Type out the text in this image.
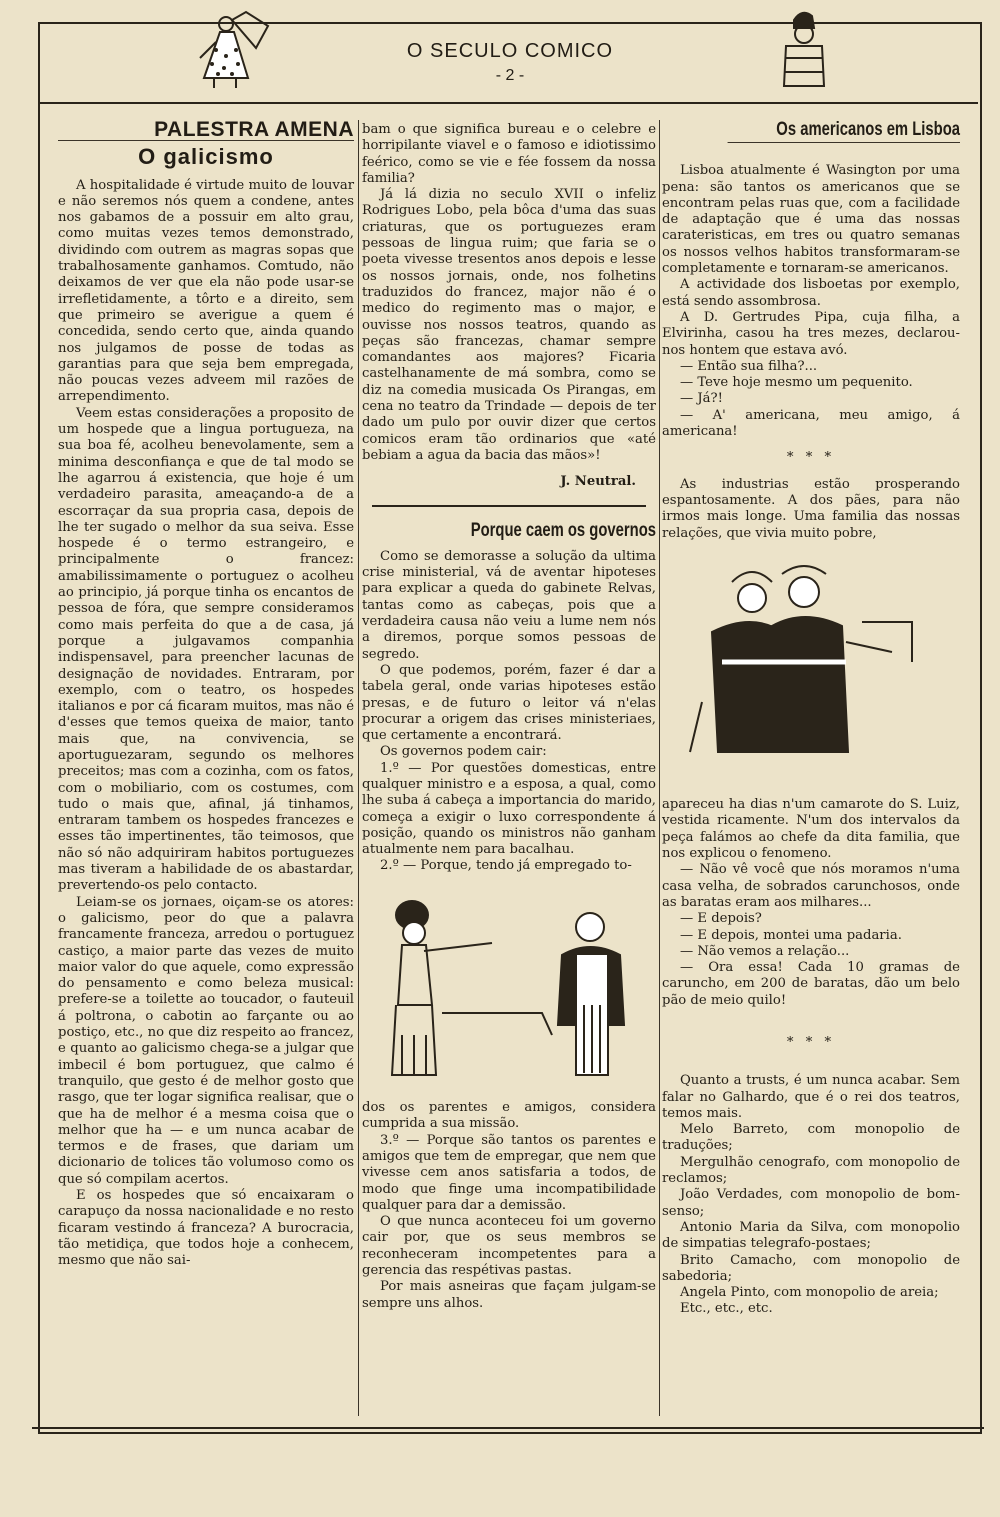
O SECULO COMICO
- 2 -
PALESTRA AMENA
O galicismo

A hospitalidade é virtude muito de louvar e não seremos nós quem a condene, antes nos gabamos de a possuir em alto grau, como muitas vezes temos demonstrado, dividindo com outrem as magras sopas que trabalhosamente ganhamos. Comtudo, não deixamos de ver que ela não pode usar-se irrefletidamente, a tôrto e a direito, sem que primeiro se averigue a quem é concedida, sendo certo que, ainda quando nos julgamos de posse de todas as garantias para que seja bem empregada, não poucas vezes adveem mil razões de arrependimento.

Veem estas considerações a proposito de um hospede que a lingua portugueza, na sua boa fé, acolheu benevolamente, sem a minima desconfiança e que de tal modo se lhe agarrou á existencia, que hoje é um verdadeiro parasita, ameaçando-a de a escorraçar da sua propria casa, depois de lhe ter sugado o melhor da sua seiva. Esse hospede é o termo estrangeiro, e principalmente o francez: amabilissimamente o portuguez o acolheu ao principio, já porque tinha os encantos de pessoa de fóra, que sempre consideramos como mais perfeita do que a de casa, já porque a julgavamos companhia indispensavel, para preencher lacunas de designação de novidades. Entraram, por exemplo, com o teatro, os hospedes italianos e por cá ficaram muitos, mas não é d'esses que temos queixa de maior, tanto mais que, na convivencia, se aportuguezaram, segundo os melhores preceitos; mas com a cozinha, com os fatos, com o mobiliario, com os costumes, com tudo o mais que, afinal, já tinhamos, entraram tambem os hospedes francezes e esses tão impertinentes, tão teimosos, que não só não adquiriram habitos portuguezes mas tiveram a habilidade de os abastardar, prevertendo-os pelo contacto.

Leiam-se os jornaes, oiçam-se os atores: o galicismo, peor do que a palavra francamente franceza, arredou o portuguez castiço, a maior parte das vezes de muito maior valor do que aquele, como expressão do pensamento e como beleza musical: prefere-se a toilette ao toucador, o fauteuil á poltrona, o cabotin ao farçante ou ao postiço, etc., no que diz respeito ao francez, e quanto ao galicismo chega-se a julgar que imbecil é bom portuguez, que calmo é tranquilo, que gesto é de melhor gosto que rasgo, que ter logar significa realisar, que o que ha de melhor é a mesma coisa que o melhor que ha — e um nunca acabar de termos e de frases, que dariam um dicionario de tolices tão volumoso como os que só compilam acertos.

E os hospedes que só encaixaram o carapuço da nossa nacionalidade e no resto ficaram vestindo á franceza? A burocracia, tão metidiça, que todos hoje a conhecem, mesmo que não sai-

bam o que significa bureau e o celebre e horripilante viavel e o famoso e idiotissimo feérico, como se vie e fée fossem da nossa familia?

Já lá dizia no seculo XVII o infeliz Rodrigues Lobo, pela bôca d'uma das suas criaturas, que os portuguezes eram pessoas de lingua ruim; que faria se o poeta vivesse tresentos anos depois e lesse os nossos jornais, onde, nos folhetins traduzidos do francez, major não é o medico do regimento mas o major, e ouvisse nos nossos teatros, quando as peças são francezas, chamar sempre comandantes aos majores? Ficaria castelhanamente de má sombra, como se diz na comedia musicada Os Pirangas, em cena no teatro da Trindade — depois de ter dado um pulo por ouvir dizer que certos comicos eram tão ordinarios que «até bebiam a agua da bacia das mãos»!

J. Neutral.
Porque caem os governos

Como se demorasse a solução da ultima crise ministerial, vá de aventar hipoteses para explicar a queda do gabinete Relvas, tantas como as cabeças, pois que a verdadeira causa não veiu a lume nem nós a diremos, porque somos pessoas de segredo.

O que podemos, porém, fazer é dar a tabela geral, onde varias hipoteses estão presas, e de futuro o leitor vá n'elas procurar a origem das crises ministeriaes, que certamente a encontrará.

Os governos podem cair:

1.º — Por questões domesticas, entre qualquer ministro e a esposa, a qual, como lhe suba á cabeça a importancia do marido, começa a exigir o luxo correspondente á posição, quando os ministros não ganham atualmente nem para bacalhau.

2.º — Porque, tendo já empregado to-

dos os parentes e amigos, considera cumprida a sua missão.

3.º — Porque são tantos os parentes e amigos que tem de empregar, que nem que vivesse cem anos satisfaria a todos, de modo que finge uma incompatibilidade qualquer para dar a demissão.

O que nunca aconteceu foi um governo cair por, que os seus membros se reconheceram incompetentes para a gerencia das respétivas pastas.

Por mais asneiras que façam julgam-se sempre uns alhos.

Os americanos em Lisboa

Lisboa atualmente é Wasington por uma pena: são tantos os americanos que se encontram pelas ruas que, com a facilidade de adaptação que é uma das nossas carateristicas, em tres ou quatro semanas os nossos velhos habitos transformaram-se completamente e tornaram-se americanos.

A actividade dos lisboetas por exemplo, está sendo assombrosa.

A D. Gertrudes Pipa, cuja filha, a Elvirinha, casou ha tres mezes, declarou-nos hontem que estava avó.

— Então sua filha?...

— Teve hoje mesmo um pequenito.

— Já?!

— A' americana, meu amigo, á americana!

* * *

As industrias estão prosperando espantosamente. A dos pães, para não irmos mais longe. Uma familia das nossas relações, que vivia muito pobre,

apareceu ha dias n'um camarote do S. Luiz, vestida ricamente. N'um dos intervalos da peça falámos ao chefe da dita familia, que nos explicou o fenomeno.

— Não vê você que nós moramos n'uma casa velha, de sobrados carunchosos, onde as baratas eram aos milhares...

— E depois?

— E depois, montei uma padaria.

— Não vemos a relação...

— Ora essa! Cada 10 gramas de caruncho, em 200 de baratas, dão um belo pão de meio quilo!

* * *

Quanto a trusts, é um nunca acabar. Sem falar no Galhardo, que é o rei dos teatros, temos mais.

Melo Barreto, com monopolio de traduções;

Mergulhão cenografo, com monopolio de reclamos;

João Verdades, com monopolio de bom-senso;

Antonio Maria da Silva, com monopolio de simpatias telegrafo-postaes;

Brito Camacho, com monopolio de sabedoria;

Angela Pinto, com monopolio de areia;

Etc., etc., etc.
